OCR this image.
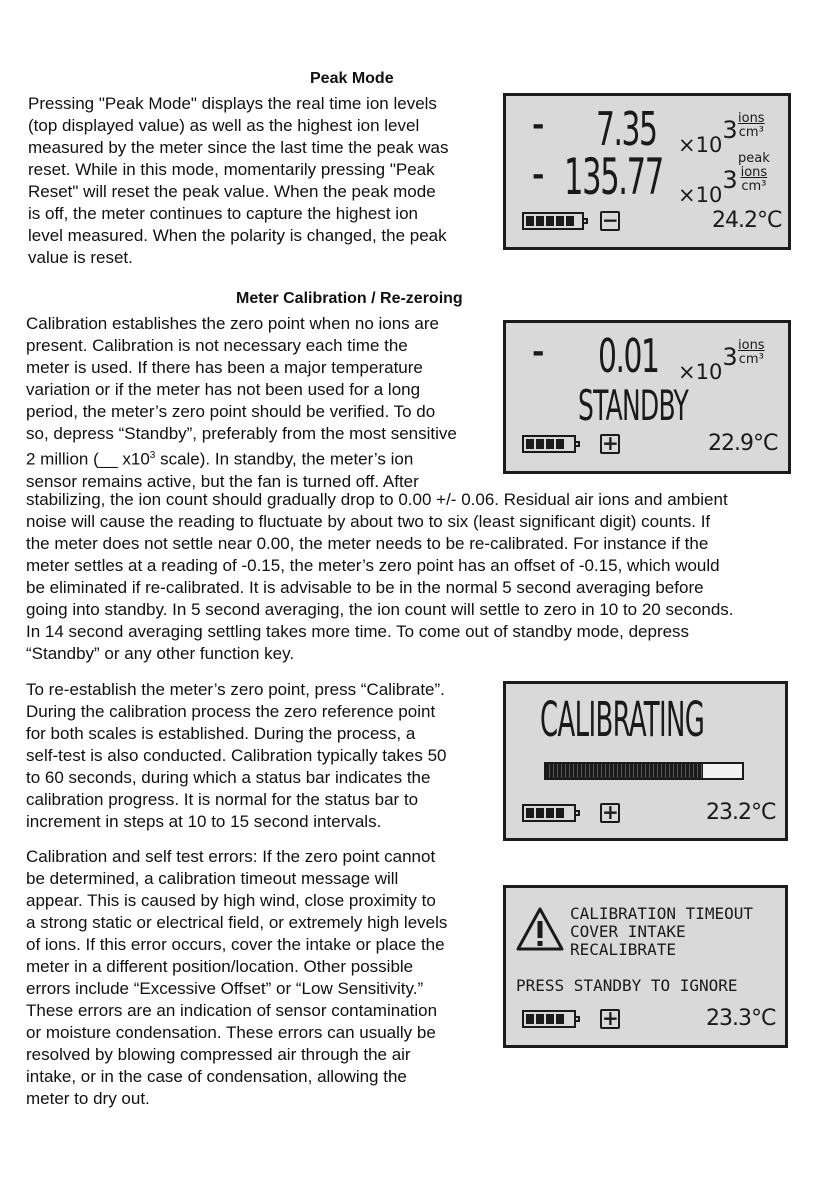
Peak Mode

Pressing "Peak Mode" displays the real time ion levels

(top displayed value) as well as the highest ion level

measured by the meter since the last time the peak was

reset. While in this mode, momentarily pressing "Peak

Reset" will reset the peak value. When the peak mode

is off, the meter continues to capture the highest ion

level measured. When the polarity is changed, the peak

value is reset.

- $7.35 \times 10^3$ ions
cm³
- $135.77 \times 10^3$
peak
ions
cm³
−	24.2°C
Meter Calibration / Re-zeroing

Calibration establishes the zero point when no ions are

present. Calibration is not necessary each time the

meter is used. If there has been a major temperature

variation or if the meter has not been used for a long

period, the meter’s zero point should be verified. To do

so, depress “Standby”, preferably from the most sensitive

2 million (__ $x10^3$ scale). In standby, the meter’s ion

sensor remains active, but the fan is turned off. After

stabilizing, the ion count should gradually drop to 0.00 +/- 0.06. Residual air ions and ambient

noise will cause the reading to fluctuate by about two to six (least significant digit) counts. If

the meter does not settle near 0.00, the meter needs to be re-calibrated. For instance if the

meter settles at a reading of -0.15, the meter’s zero point has an offset of -0.15, which would

be eliminated if re-calibrated. It is advisable to be in the normal 5 second averaging before

going into standby. In 5 second averaging, the ion count will settle to zero in 10 to 20 seconds.

In 14 second averaging settling takes more time. To come out of standby mode, depress

“Standby” or any other function key.

- $0.01 \times 10^3$ ions
cm³
STANDBY
+	22.9°C

To re-establish the meter’s zero point, press “Calibrate”.

During the calibration process the zero reference point

for both scales is established. During the process, a

self-test is also conducted. Calibration typically takes 50

to 60 seconds, during which a status bar indicates the

calibration progress. It is normal for the status bar to

increment in steps at 10 to 15 second intervals.

CALIBRATING
+	23.2°C

Calibration and self test errors: If the zero point cannot

be determined, a calibration timeout message will

appear. This is caused by high wind, close proximity to

a strong static or electrical field, or extremely high levels

of ions. If this error occurs, cover the intake or place the

meter in a different position/location. Other possible

errors include “Excessive Offset” or “Low Sensitivity.”

These errors are an indication of sensor contamination

or moisture condensation. These errors can usually be

resolved by blowing compressed air through the air

intake, or in the case of condensation, allowing the

meter to dry out.

CALIBRATION TIMEOUT
COVER INTAKE
RECALIBRATE
PRESS STANDBY TO IGNORE
+	23.3°C
